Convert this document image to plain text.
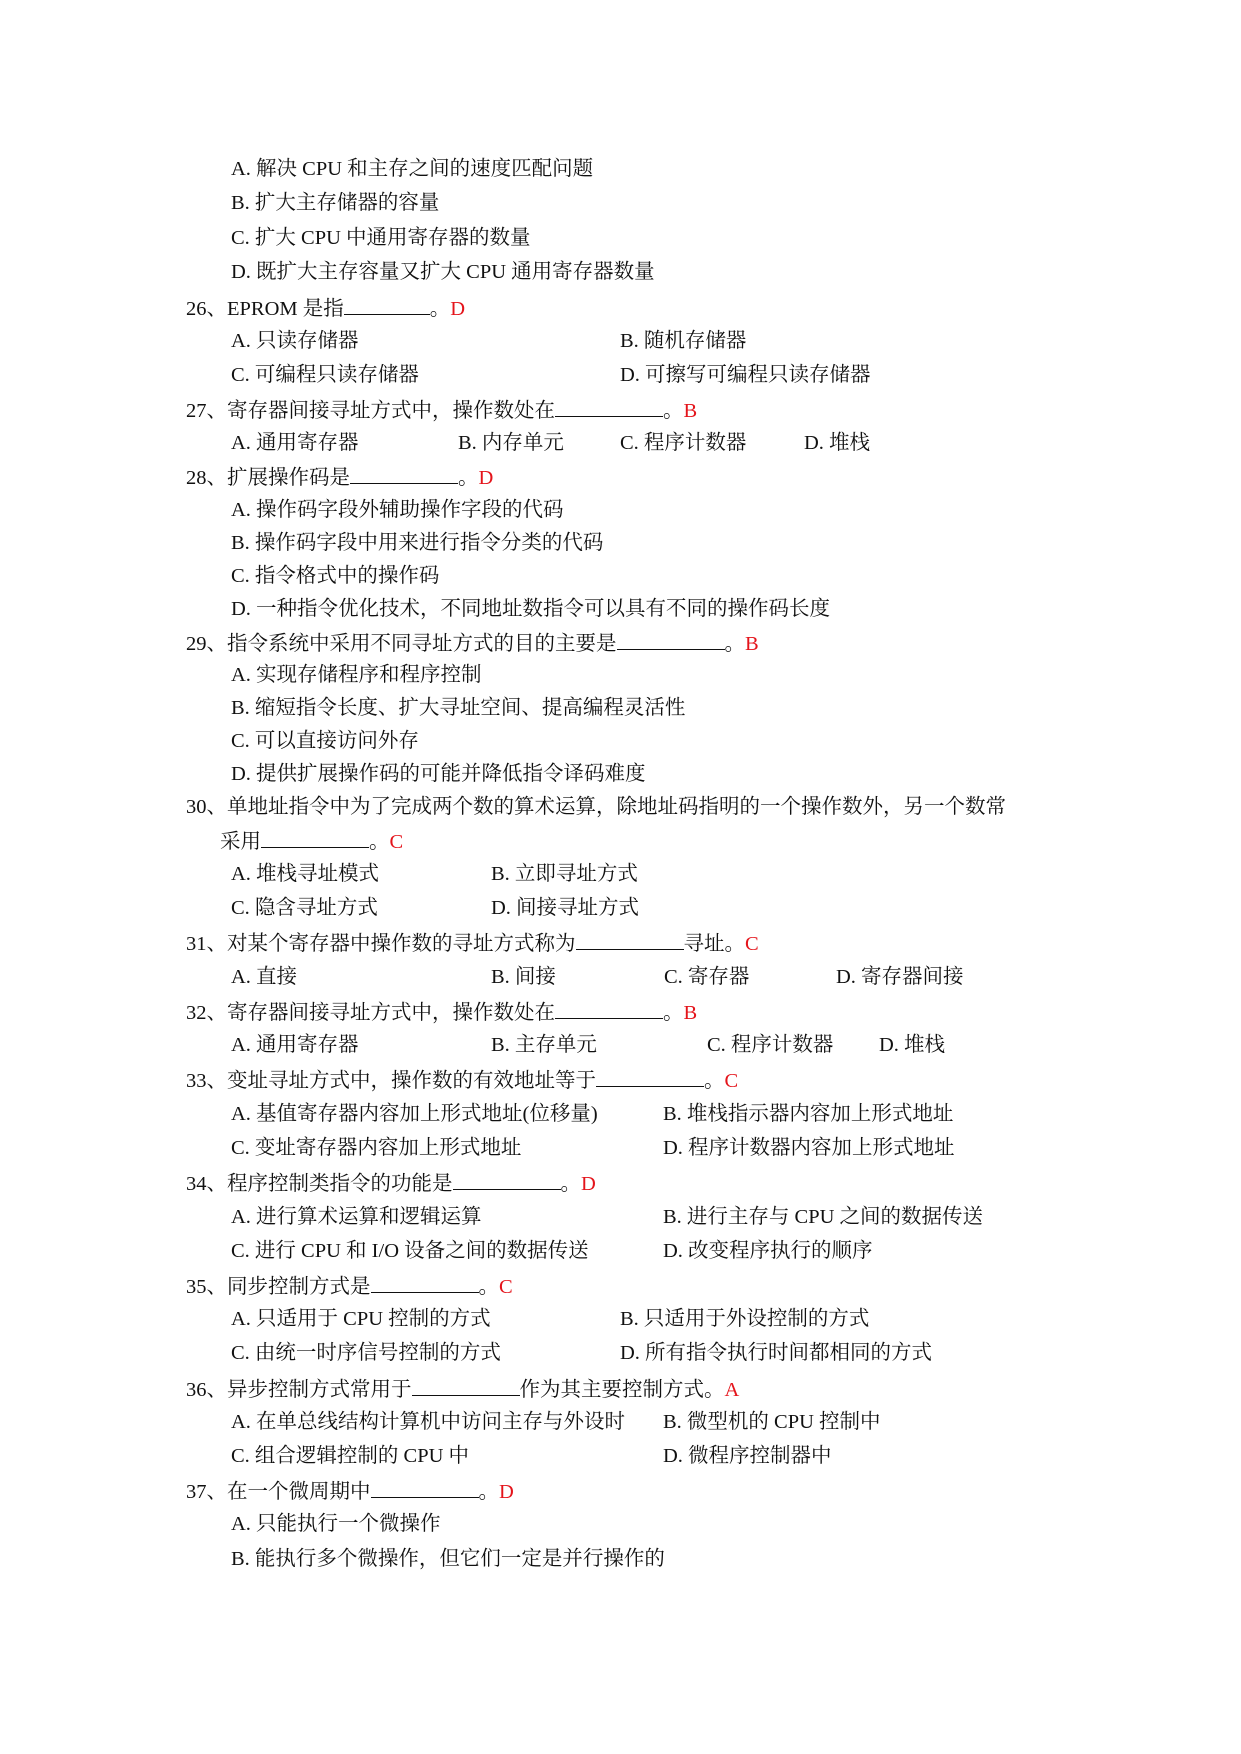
A. 解决 CPU 和主存之间的速度匹配问题
B. 扩大主存储器的容量
C. 扩大 CPU 中通用寄存器的数量
D. 既扩大主存容量又扩大 CPU 通用寄存器数量
26、EPROM 是指	。D
A. 只读存储器	B. 随机存储器
C. 可编程只读存储器	D. 可擦写可编程只读存储器
27、寄存器间接寻址方式中，操作数处在	。B
A. 通用寄存器	B. 内存单元	C. 程序计数器	D. 堆栈
28、扩展操作码是	。D
A. 操作码字段外辅助操作字段的代码
B. 操作码字段中用来进行指令分类的代码
C. 指令格式中的操作码
D. 一种指令优化技术，不同地址数指令可以具有不同的操作码长度
29、指令系统中采用不同寻址方式的目的主要是	。B
A. 实现存储程序和程序控制
B. 缩短指令长度、扩大寻址空间、提高编程灵活性
C. 可以直接访问外存
D. 提供扩展操作码的可能并降低指令译码难度
30、单地址指令中为了完成两个数的算术运算，除地址码指明的一个操作数外，另一个数常
采用	。C
A. 堆栈寻址模式	B. 立即寻址方式
C. 隐含寻址方式	D. 间接寻址方式
31、对某个寄存器中操作数的寻址方式称为	寻址。C
A. 直接	B. 间接	C. 寄存器	D. 寄存器间接
32、寄存器间接寻址方式中，操作数处在	。B
A. 通用寄存器	B. 主存单元	C. 程序计数器 D. 堆栈
33、变址寻址方式中，操作数的有效地址等于	。C
A. 基值寄存器内容加上形式地址(位移量)	B. 堆栈指示器内容加上形式地址
C. 变址寄存器内容加上形式地址	D. 程序计数器内容加上形式地址
34、程序控制类指令的功能是	。D
A. 进行算术运算和逻辑运算	B. 进行主存与 CPU 之间的数据传送
C. 进行 CPU 和 I/O 设备之间的数据传送	D. 改变程序执行的顺序
35、同步控制方式是	。C
A. 只适用于 CPU 控制的方式	B. 只适用于外设控制的方式
C. 由统一时序信号控制的方式	D. 所有指令执行时间都相同的方式
36、异步控制方式常用于	作为其主要控制方式。A
A. 在单总线结构计算机中访问主存与外设时 B. 微型机的 CPU 控制中
C. 组合逻辑控制的 CPU 中	D. 微程序控制器中
37、在一个微周期中	。D
A. 只能执行一个微操作
B. 能执行多个微操作，但它们一定是并行操作的
